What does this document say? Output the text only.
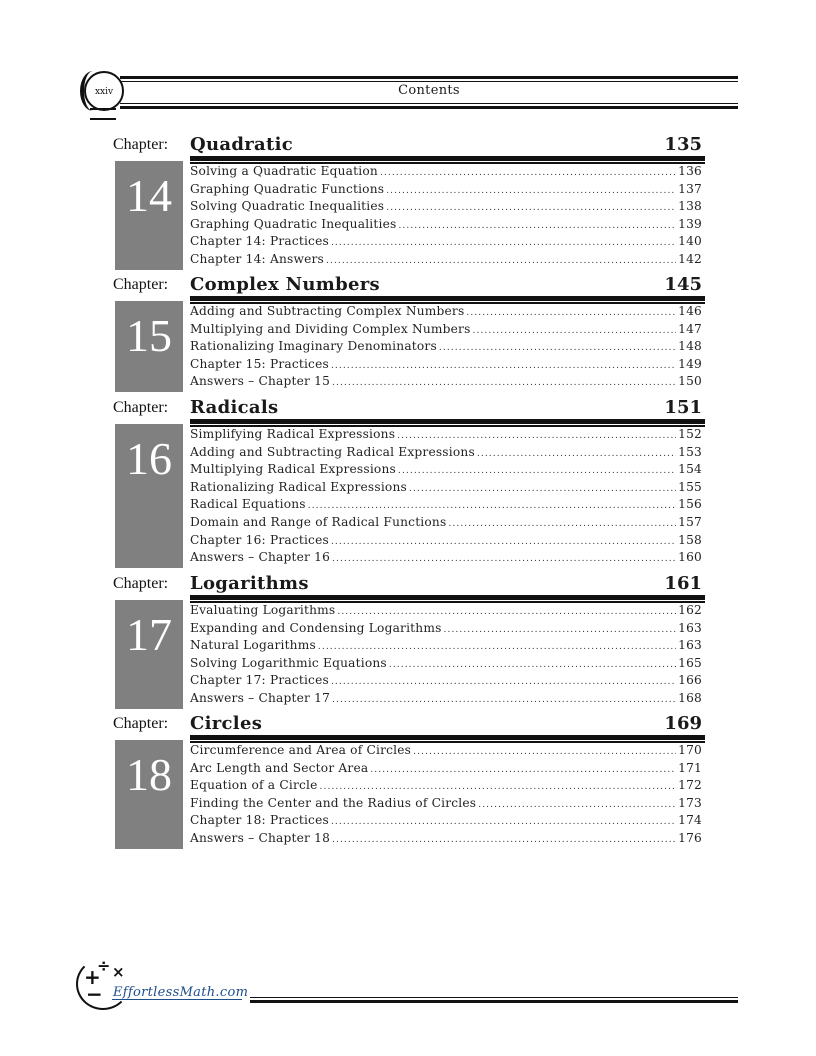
xxiv	Contents
Chapter: Quadratic	135
14	Solving a Quadratic Equation .....	136
Graphing Quadratic Functions .....	137
Solving Quadratic Inequalities .....	138
Graphing Quadratic Inequalities .....	139
Chapter 14: Practices .....	140
Chapter 14: Answers .....	142
Chapter: Complex Numbers	145
15	Adding and Subtracting Complex Numbers .....	146
Multiplying and Dividing Complex Numbers .....	147
Rationalizing Imaginary Denominators .....	148
Chapter 15: Practices .....	149
Answers – Chapter 15 .....	150
Chapter: Radicals	151
16	Simplifying Radical Expressions .....	152
Adding and Subtracting Radical Expressions .....	153
Multiplying Radical Expressions .....	154
Rationalizing Radical Expressions .....	155
Radical Equations .....	156
Domain and Range of Radical Functions .....	157
Chapter 16: Practices .....	158
Answers – Chapter 16 .....	160
Chapter: Logarithms	161
17	Evaluating Logarithms .....	162
Expanding and Condensing Logarithms .....	163
Natural Logarithms .....	163
Solving Logarithmic Equations .....	165
Chapter 17: Practices .....	166
Answers – Chapter 17 .....	168
Chapter: Circles	169
18	Circumference and Area of Circles .....	170
Arc Length and Sector Area .....	171
Equation of a Circle .....	172
Finding the Center and the Radius of Circles .....	173
Chapter 18: Practices .....	174
Answers – Chapter 18 .....	176
+
÷ ×
− EffortlessMath.com
